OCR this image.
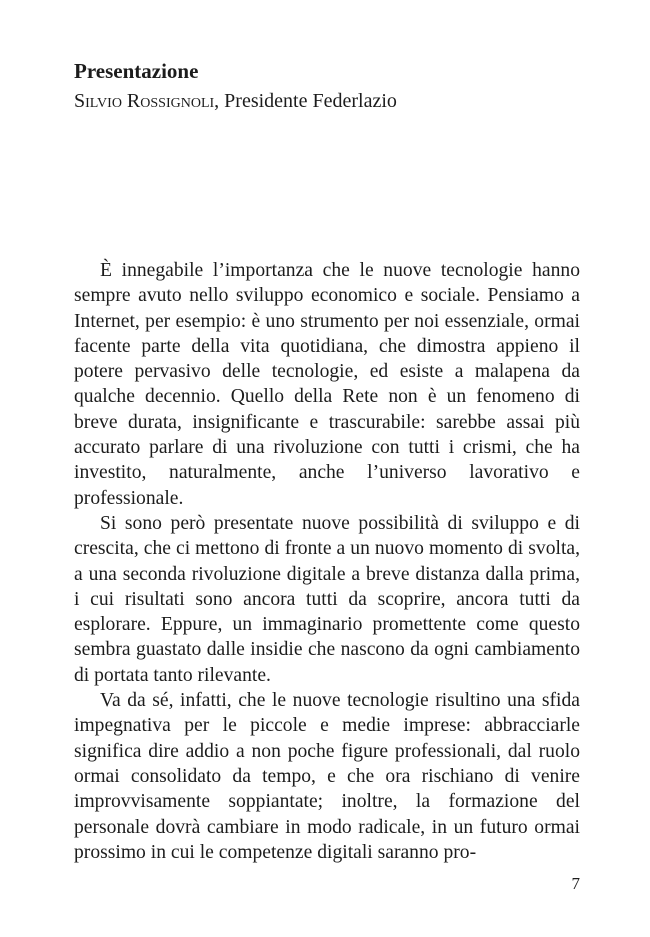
Presentazione
Silvio Rossignoli, Presidente Federlazio

È innegabile l’importanza che le nuove tecnologie hanno sempre avuto nello sviluppo economico e sociale. Pensiamo a Internet, per esempio: è uno strumento per noi essenziale, ormai facente parte della vita quotidiana, che dimostra appieno il potere pervasivo delle tecnologie, ed esiste a malapena da qualche decennio. Quello della Rete non è un fenomeno di breve durata, insignificante e trascurabile: sarebbe assai più accurato parlare di una rivoluzione con tutti i crismi, che ha investito, naturalmente, anche l’universo lavorativo e professionale.

Si sono però presentate nuove possibilità di sviluppo e di crescita, che ci mettono di fronte a un nuovo momento di svolta, a una seconda rivoluzione digitale a breve distanza dalla prima, i cui risultati sono ancora tutti da scoprire, ancora tutti da esplorare. Eppure, un immaginario promettente come questo sembra guastato dalle insidie che nascono da ogni cambiamento di portata tanto rilevante.

Va da sé, infatti, che le nuove tecnologie risultino una sfida impegnativa per le piccole e medie imprese: abbracciarle significa dire addio a non poche figure professionali, dal ruolo ormai consolidato da tempo, e che ora rischiano di venire improvvisamente soppiantate; inoltre, la formazione del personale dovrà cambiare in modo radicale, in un futuro ormai prossimo in cui le competenze digitali saranno pro-

7
